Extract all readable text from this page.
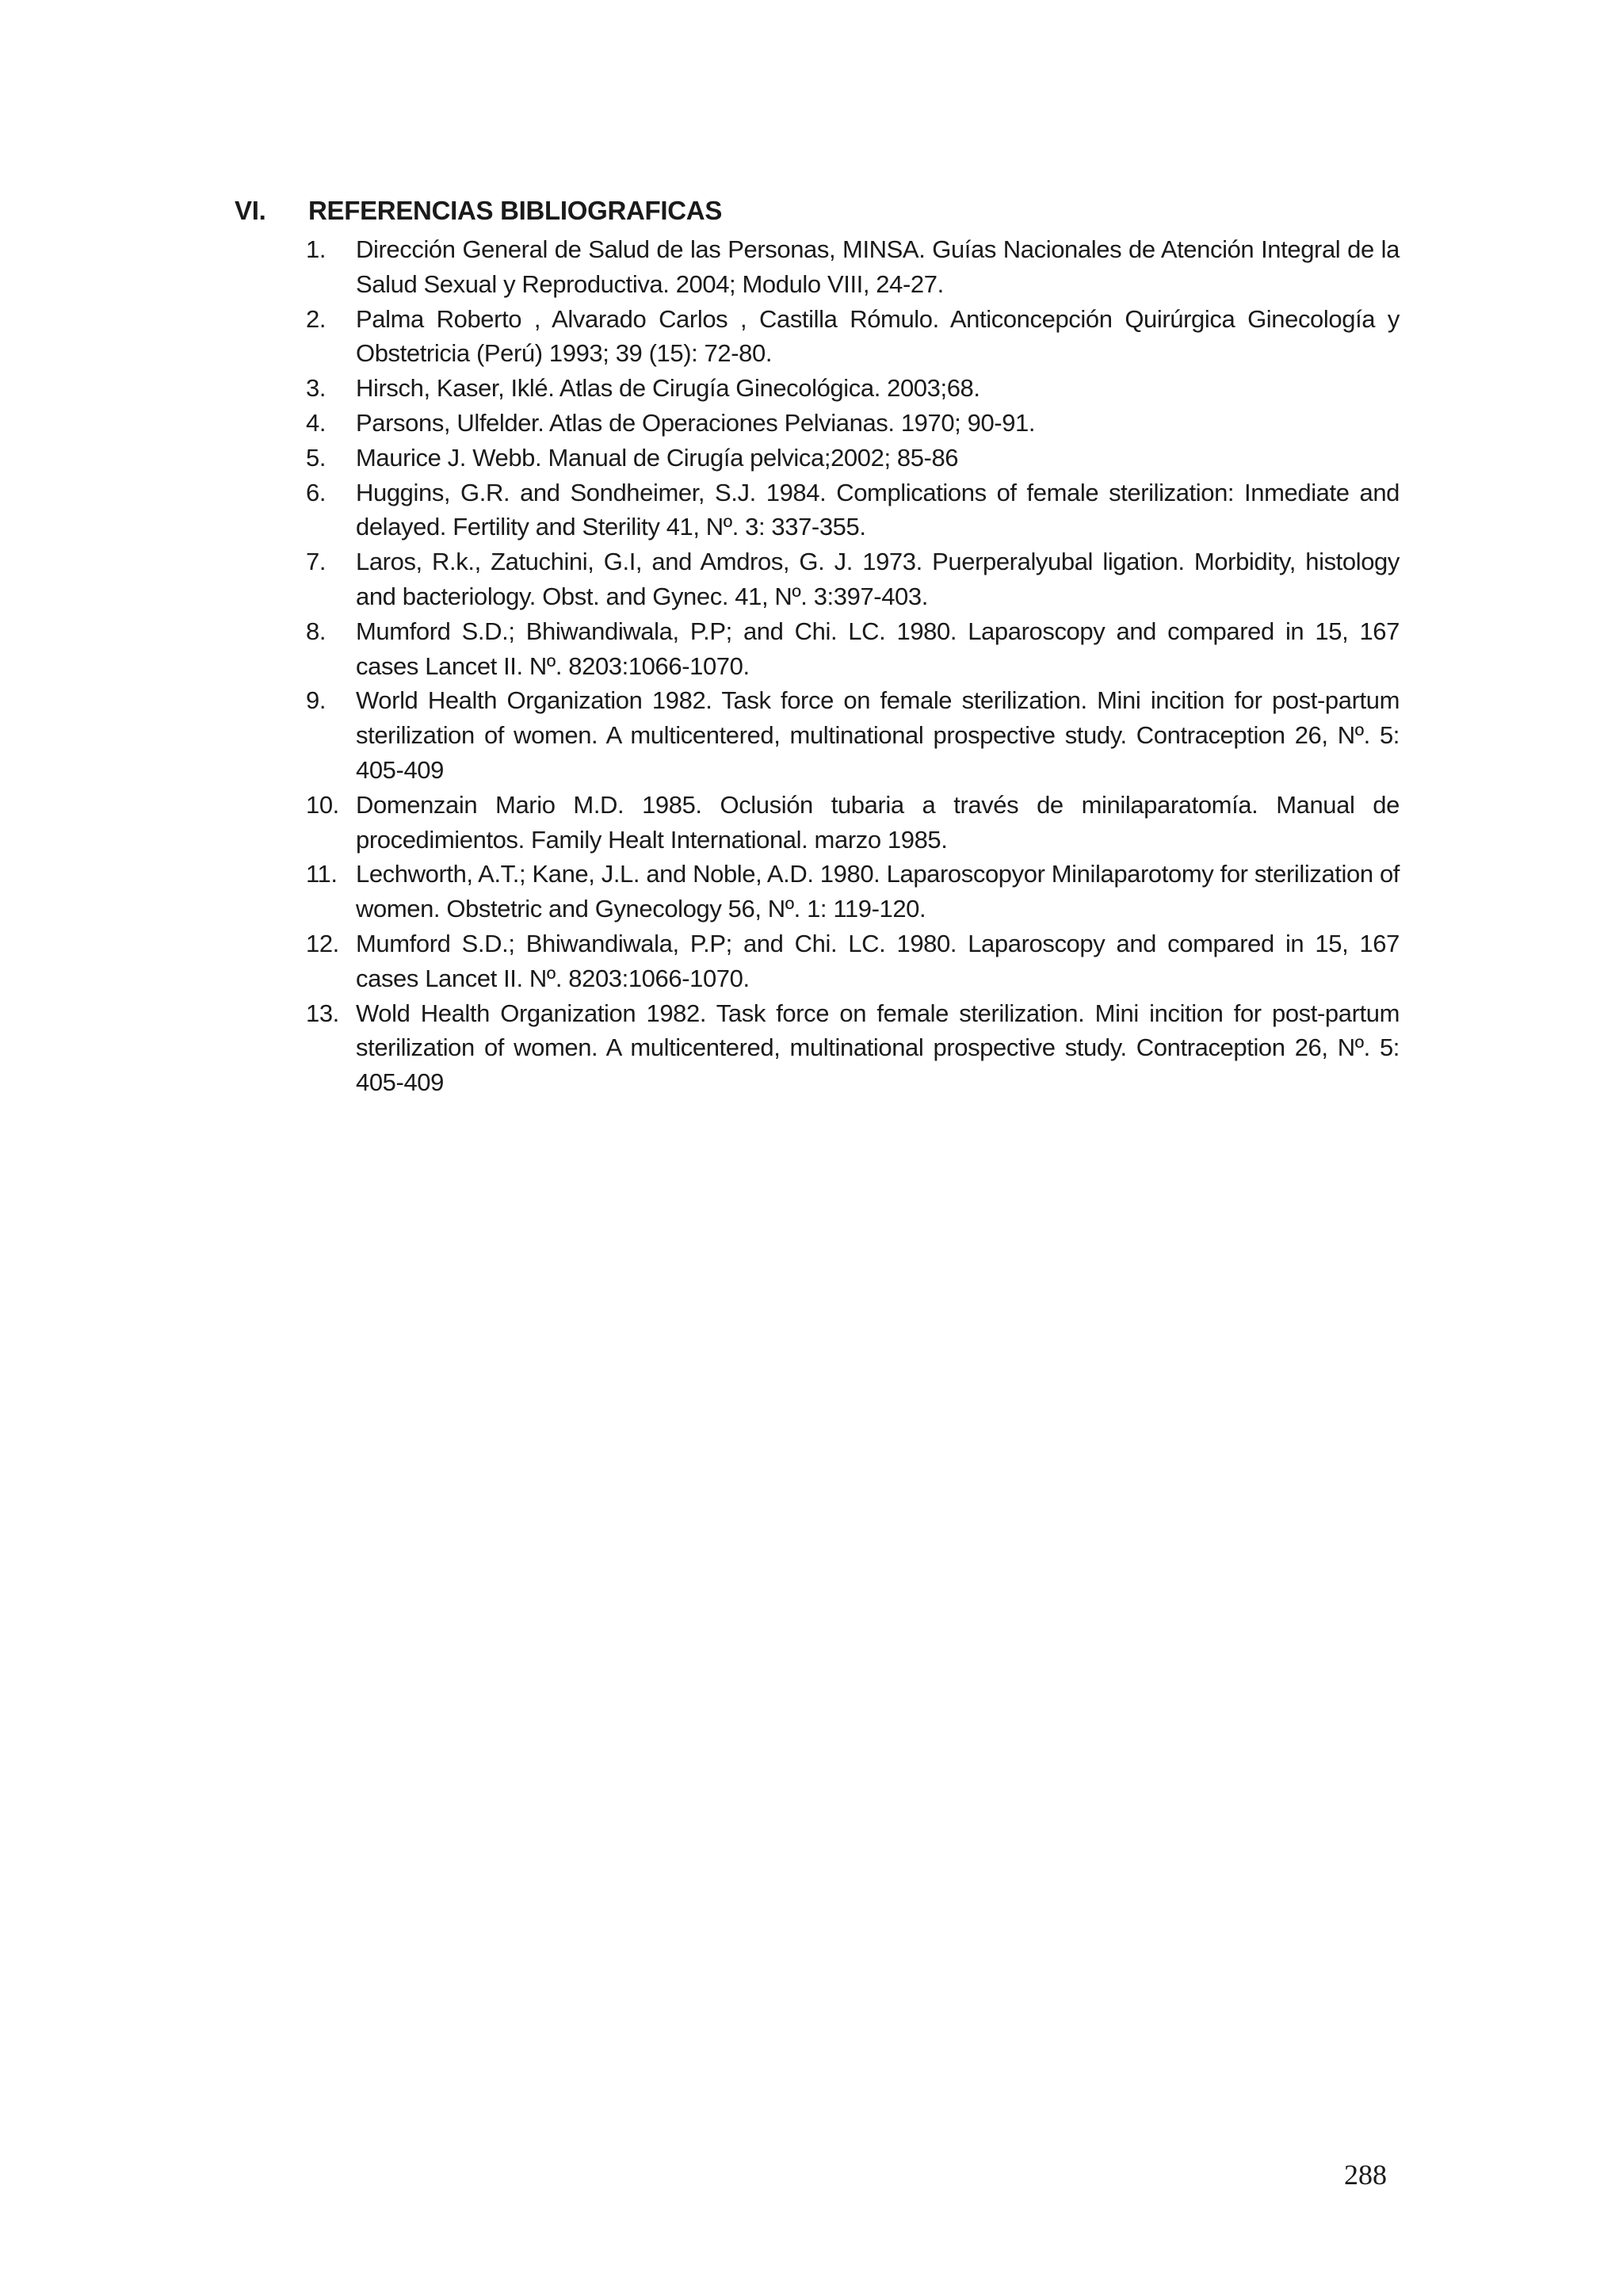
VI. REFERENCIAS BIBLIOGRAFICAS
1.	Dirección General de Salud de las Personas, MINSA. Guías Nacionales de Atención Integral de la Salud Sexual y Reproductiva. 2004; Modulo VIII, 24-27.
2.	Palma Roberto , Alvarado Carlos , Castilla Rómulo. Anticoncepción Quirúrgica Ginecología y Obstetricia (Perú) 1993; 39 (15): 72-80.
3.	Hirsch, Kaser, Iklé. Atlas de Cirugía Ginecológica. 2003;68.
4.	Parsons, Ulfelder. Atlas de Operaciones Pelvianas. 1970; 90-91.
5.	Maurice J. Webb. Manual de Cirugía pelvica;2002; 85-86
6.	Huggins, G.R. and Sondheimer, S.J. 1984. Complications of female sterilization: Inmediate and delayed. Fertility and Sterility 41, Nº. 3: 337-355.
7.	Laros, R.k., Zatuchini, G.I, and Amdros, G. J. 1973. Puerperalyubal ligation. Morbidity, histology and bacteriology. Obst. and Gynec. 41, Nº. 3:397-403.
8.	Mumford S.D.; Bhiwandiwala, P.P; and Chi. LC. 1980. Laparoscopy and compared in 15, 167 cases Lancet II. Nº. 8203:1066-1070.
9.	World Health Organization 1982. Task force on female sterilization. Mini incition for post-partum sterilization of women. A multicentered, multinational prospective study. Contraception 26, Nº. 5: 405-409
10. Domenzain Mario M.D. 1985. Oclusión tubaria a través de minilaparatomía. Manual de procedimientos. Family Healt International. marzo 1985.
11. Lechworth, A.T.; Kane, J.L. and Noble, A.D. 1980. Laparoscopyor Minilaparotomy for sterilization of women. Obstetric and Gynecology 56, Nº. 1: 119-120.
12. Mumford S.D.; Bhiwandiwala, P.P; and Chi. LC. 1980. Laparoscopy and compared in 15, 167 cases Lancet II. Nº. 8203:1066-1070.
13. Wold Health Organization 1982. Task force on female sterilization. Mini incition for post-partum sterilization of women. A multicentered, multinational prospective study. Contraception 26, Nº. 5: 405-409
288
